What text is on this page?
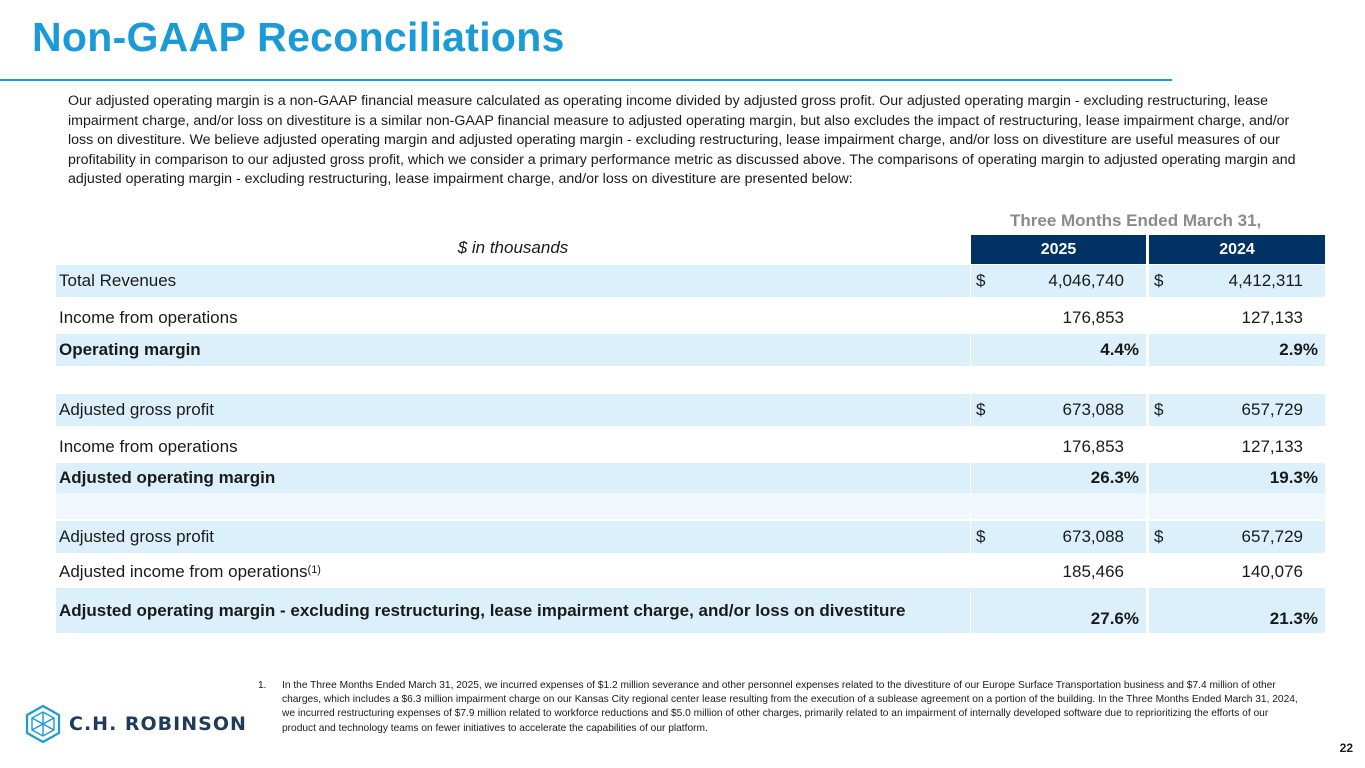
Non-GAAP Reconciliations
Our adjusted operating margin is a non-GAAP financial measure calculated as operating income divided by adjusted gross profit. Our adjusted operating margin - excluding restructuring, lease impairment charge, and/or loss on divestiture is a similar non-GAAP financial measure to adjusted operating margin, but also excludes the impact of restructuring, lease impairment charge, and/or loss on divestiture. We believe adjusted operating margin and adjusted operating margin - excluding restructuring, lease impairment charge, and/or loss on divestiture are useful measures of our profitability in comparison to our adjusted gross profit, which we consider a primary performance metric as discussed above. The comparisons of operating margin to adjusted operating margin and adjusted operating margin - excluding restructuring, lease impairment charge, and/or loss on divestiture are presented below:
Three Months Ended March 31,
$ in thousands	2025	2024
Total Revenues	$	4,046,740 $	4,412,311
Income from operations	176,853	127,133
Operating margin	4.4%	2.9%
Adjusted gross profit	$	673,088 $	657,729
Income from operations	176,853	127,133
Adjusted operating margin	26.3%	19.3%
Adjusted gross profit	$	673,088 $	657,729
Adjusted income from operations$^{(1)}$	185,466	140,076
Adjusted operating margin - excluding restructuring, lease impairment charge, and/or loss on divestiture	27.6%	21.3%
1.	In the Three Months Ended March 31, 2025, we incurred expenses of $1.2 million severance and other personnel expenses related to the divestiture of our Europe Surface Transportation business and $7.4 million of other charges, which includes a $6.3 million impairment charge on our Kansas City regional center lease resulting from the execution of a sublease agreement on a portion of the building. In the Three Months Ended March 31, 2024, we incurred restructuring expenses of $7.9 million related to workforce reductions and $5.0 million of other charges, primarily related to an impairment of internally developed software due to reprioritizing the efforts of our product and technology teams on fewer initiatives to accelerate the capabilities of our platform.
C.H. ROBINSON
22
